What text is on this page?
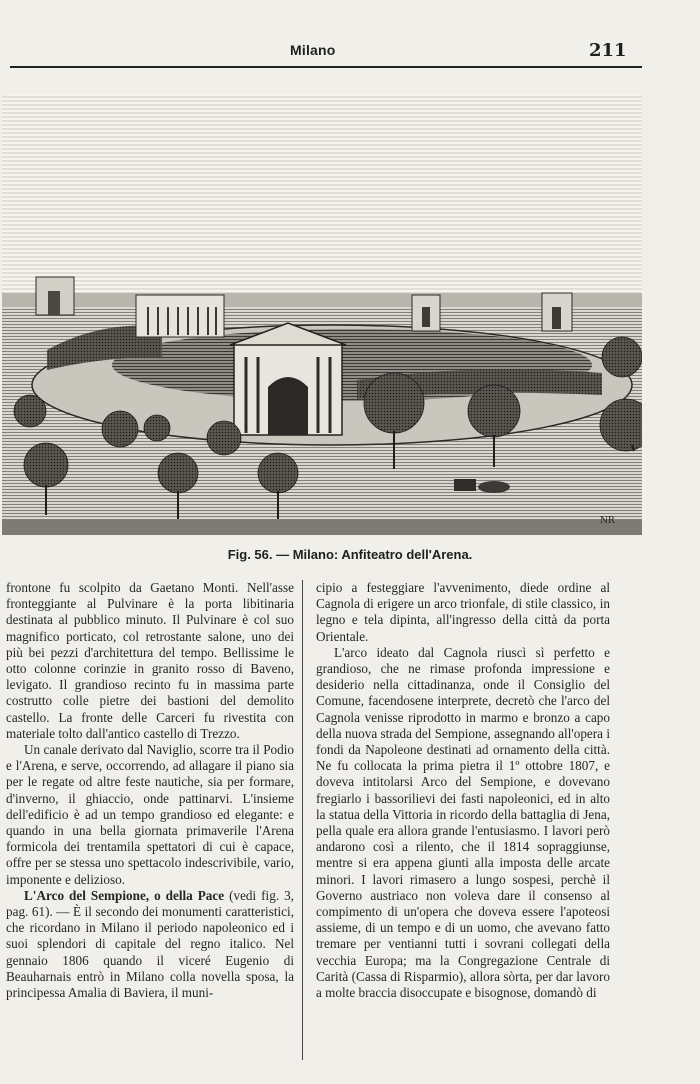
Milano	211
NR
Fig. 56. — Milano: Anfiteatro dell'Arena.

frontone fu scolpito da Gaetano Monti. Nell'asse fronteggiante al Pulvinare è la porta libitinaria destinata al pubblico minuto. Il Pulvinare è col suo magnifico porticato, col retrostante salone, uno dei più bei pezzi d'architettura del tempo. Bellissime le otto colonne corinzie in granito rosso di Baveno, levigato. Il grandioso recinto fu in massima parte costrutto colle pietre dei bastioni del demolito castello. La fronte delle Carceri fu rivestita con materiale tolto dall'antico castello di Trezzo.

Un canale derivato dal Naviglio, scorre tra il Podio e l'Arena, e serve, occorrendo, ad allagare il piano sia per le regate od altre feste nautiche, sia per formare, d'inverno, il ghiaccio, onde pattinarvi. L'insieme dell'edificio è ad un tempo grandioso ed elegante: e quando in una bella giornata primaverile l'Arena formicola dei trentamila spettatori di cui è capace, offre per se stessa uno spettacolo indescrivibile, vario, imponente e delizioso.

L'Arco del Sempione, o della Pace (vedi fig. 3, pag. 61). — È il secondo dei monumenti caratteristici, che ricordano in Milano il periodo napoleonico ed i suoi splendori di capitale del regno italico. Nel gennaio 1806 quando il viceré Eugenio di Beauharnais entrò in Milano colla novella sposa, la principessa Amalia di Baviera, il muni-

cipio a festeggiare l'avvenimento, diede ordine al Cagnola di erigere un arco trionfale, di stile classico, in legno e tela dipinta, all'ingresso della città da porta Orientale.

L'arco ideato dal Cagnola riuscì sì perfetto e grandioso, che ne rimase profonda impressione e desiderio nella cittadinanza, onde il Consiglio del Comune, facendosene interprete, decretò che l'arco del Cagnola venisse riprodotto in marmo e bronzo a capo della nuova strada del Sempione, assegnando all'opera i fondi da Napoleone destinati ad ornamento della città. Ne fu collocata la prima pietra il 1º ottobre 1807, e doveva intitolarsi Arco del Sempione, e dovevano fregiarlo i bassorilievi dei fasti napoleonici, ed in alto la statua della Vittoria in ricordo della battaglia di Jena, pella quale era allora grande l'entusiasmo. I lavori però andarono così a rilento, che il 1814 sopraggiunse, mentre si era appena giunti alla imposta delle arcate minori. I lavori rimasero a lungo sospesi, perchè il Governo austriaco non voleva dare il consenso al compimento di un'opera che doveva essere l'apoteosi assieme, di un tempo e di un uomo, che avevano fatto tremare per ventianni tutti i sovrani collegati della vecchia Europa; ma la Congregazione Centrale di Carità (Cassa di Risparmio), allora sòrta, per dar lavoro a molte braccia disoccupate e bisognose, domandò di
